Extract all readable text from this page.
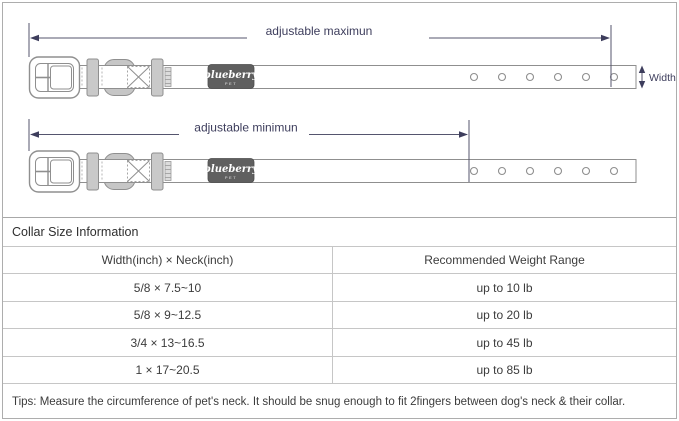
adjustable maximun
Width
adjustable minimun
Collar Size Information
Width(inch) × Neck(inch)	Recommended Weight Range
5/8 × 7.5~10	up to 10 lb
5/8 × 9~12.5	up to 20 lb
3/4 × 13~16.5	up to 45 lb
1 × 17~20.5	up to 85 lb
Tips: Measure the circumference of pet's neck. It should be snug enough to fit 2fingers between dog's neck & their collar.
